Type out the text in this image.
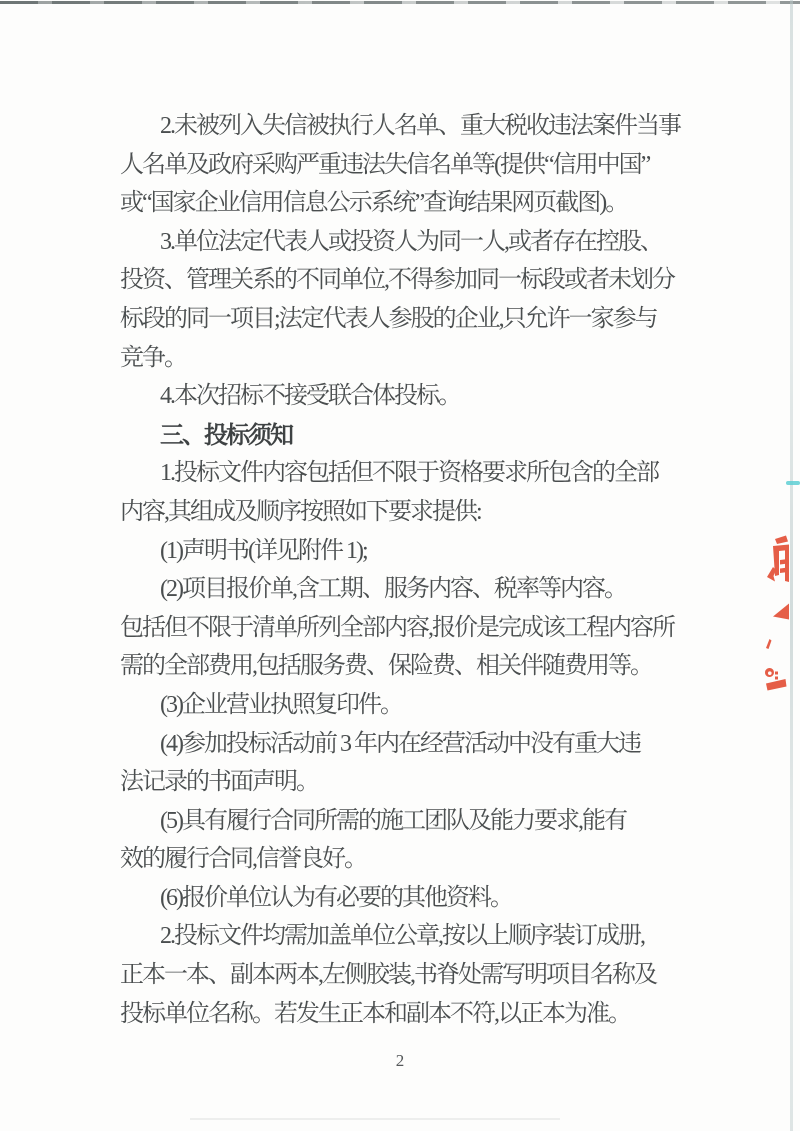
2.未被列入失信被执行人名单、重大税收违法案件当事
人名单及政府采购严重违法失信名单等(提供“信用中国”
或“国家企业信用信息公示系统”查询结果网页截图)。
3.单位法定代表人或投资人为同一人,或者存在控股、
投资、管理关系的不同单位,不得参加同一标段或者未划分
标段的同一项目;法定代表人参股的企业,只允许一家参与
竞争。
4.本次招标不接受联合体投标。
三、投标须知
1.投标文件内容包括但不限于资格要求所包含的全部
内容,其组成及顺序按照如下要求提供:
(1)声明书(详见附件 1);
(2)项目报价单,含工期、服务内容、税率等内容。
包括但不限于清单所列全部内容,报价是完成该工程内容所
需的全部费用,包括服务费、保险费、相关伴随费用等。
(3)企业营业执照复印件。
(4)参加投标活动前 3 年内在经营活动中没有重大违
法记录的书面声明。
(5)具有履行合同所需的施工团队及能力要求,能有
效的履行合同,信誉良好。
(6)报价单位认为有必要的其他资料。
2.投标文件均需加盖单位公章,按以上顺序装订成册,
正本一本、副本两本,左侧胶装,书脊处需写明项目名称及
投标单位名称。若发生正本和副本不符,以正本为准。
2
